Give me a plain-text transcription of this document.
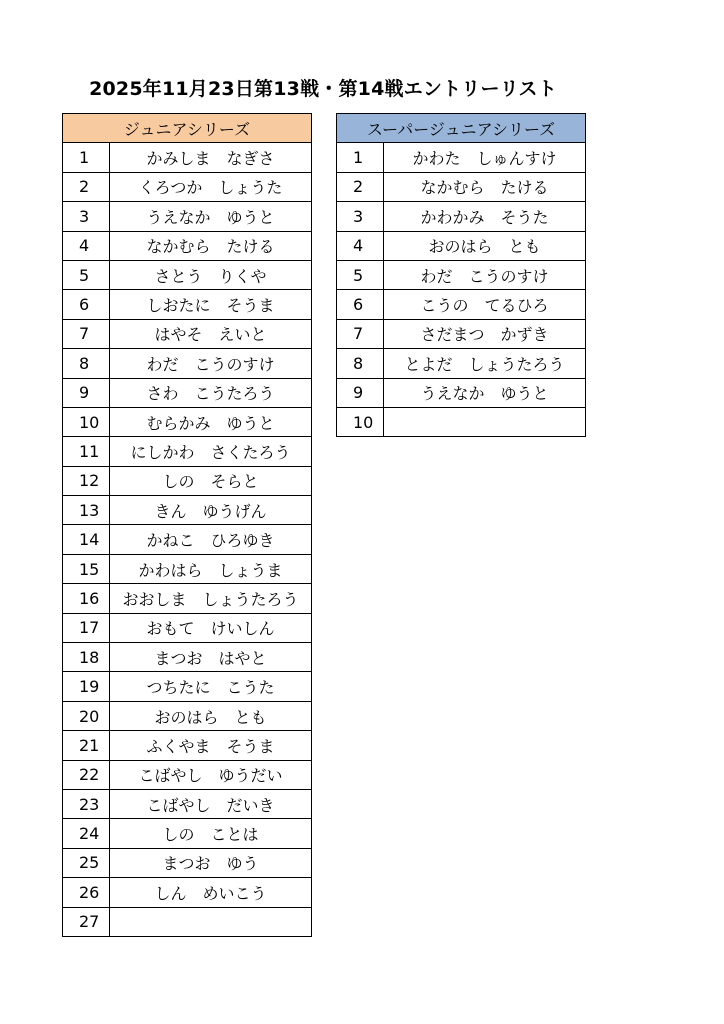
2025年11月23日第13戦・第14戦エントリーリスト
ジュニアシリーズ	
1	かみしま　なぎさ
2	くろつか　しょうた
3	うえなか　ゆうと
4	なかむら　たける
5	さとう　りくや
6	しおたに　そうま
7	はやそ　えいと
8	わだ　こうのすけ
9	さわ　こうたろう
10	むらかみ　ゆうと
11	にしかわ　さくたろう
12	しの　そらと
13	きん　ゆうげん
14	かねこ　ひろゆき
15	かわはら　しょうま
16	おおしま　しょうたろう
17	おもて　けいしん
18	まつお　はやと
19	つちたに　こうた
20	おのはら　とも
21	ふくやま　そうま
22	こばやし　ゆうだい
23	こばやし　だいき
24	しの　ことは
25	まつお　ゆう
26	しん　めいこう
27	
スーパージュニアシリーズ	
1	かわた　しゅんすけ
2	なかむら　たける
3	かわかみ　そうた
4	おのはら　とも
5	わだ　こうのすけ
6	こうの　てるひろ
7	さだまつ　かずき
8	とよだ　しょうたろう
9	うえなか　ゆうと
10	
